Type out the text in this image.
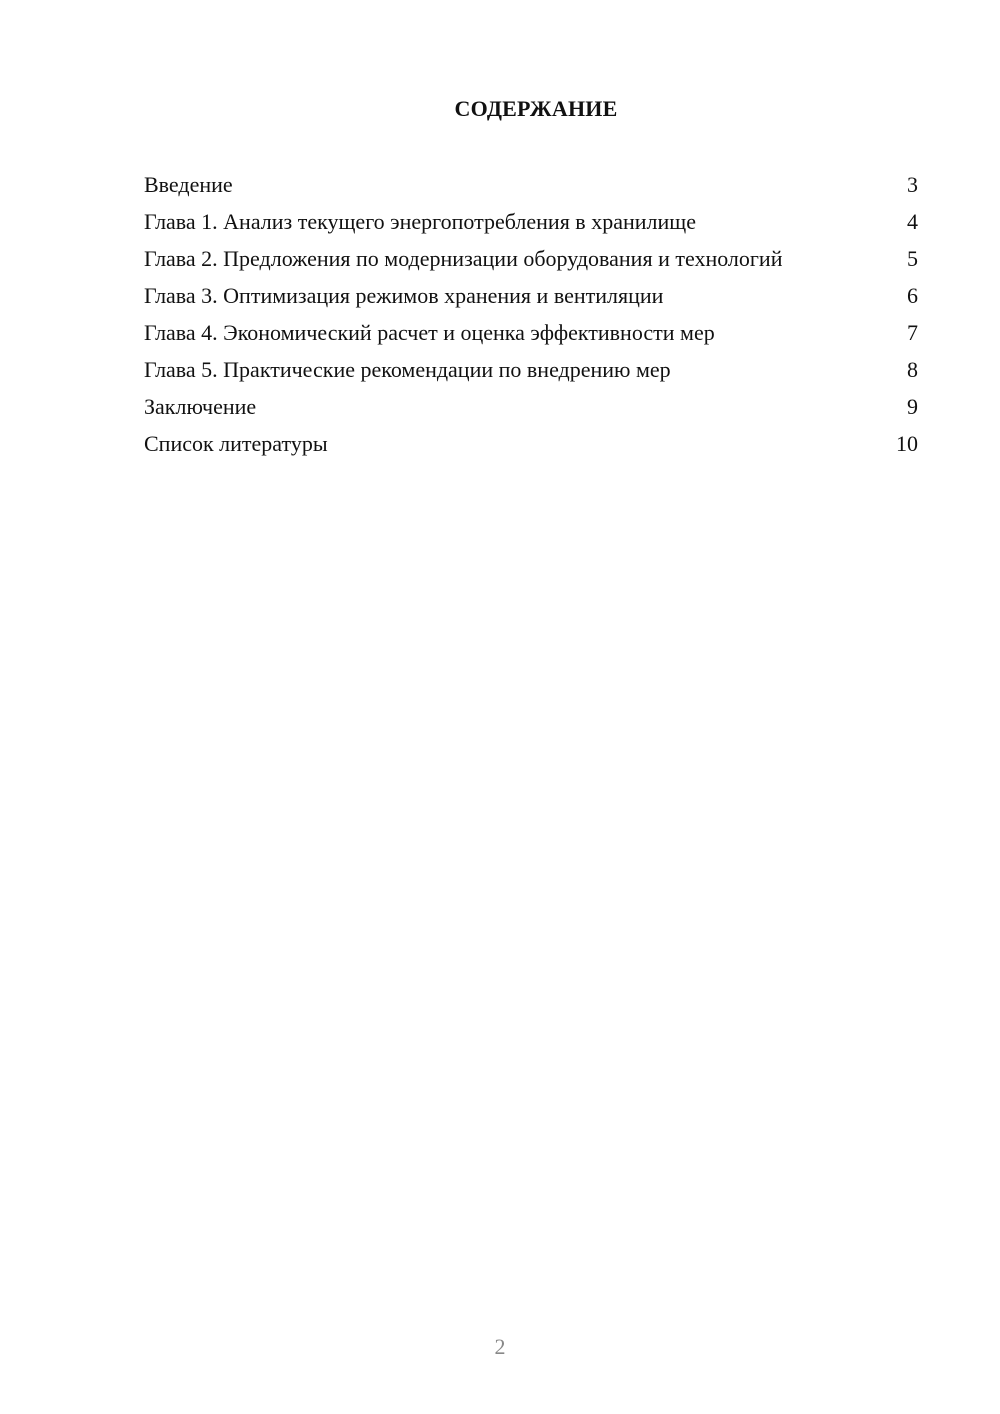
СОДЕРЖАНИЕ
Введение	3
Глава 1. Анализ текущего энергопотребления в хранилище	4
Глава 2. Предложения по модернизации оборудования и технологий	5
Глава 3. Оптимизация режимов хранения и вентиляции	6
Глава 4. Экономический расчет и оценка эффективности мер	7
Глава 5. Практические рекомендации по внедрению мер	8
Заключение	9
Список литературы	10
2
